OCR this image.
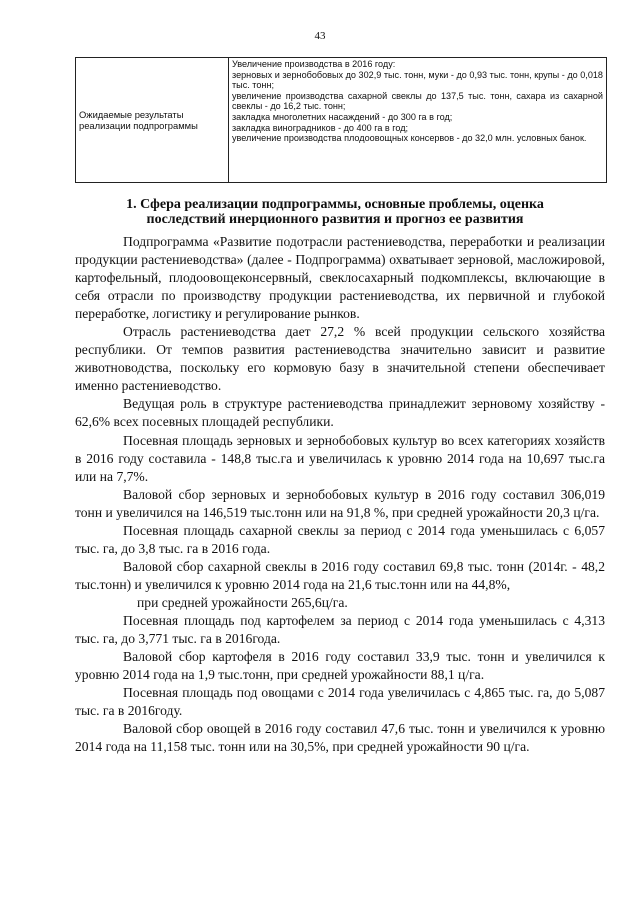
43
Ожидаемые результаты реализации подпрограммы
Увеличение производства в 2016 году:
зерновых и зернобобовых до 302,9 тыс. тонн, муки - до 0,93 тыс. тонн, крупы - до 0,018 тыс. тонн;
увеличение производства сахарной свеклы до 137,5 тыс. тонн, сахара из сахарной свеклы - до 16,2 тыс. тонн;
закладка многолетних насаждений - до 300 га в год;
закладка виноградников - до 400 га в год;
увеличение производства плодоовощных консервов - до 32,0 млн. условных банок.
1. Сфера реализации подпрограммы, основные проблемы, оценка последствий инерционного развития и прогноз ее развития

Подпрограмма «Развитие подотрасли растениеводства, переработки и реализации продукции растениеводства» (далее - Подпрограмма) охватывает зерновой, масложировой, картофельный, плодоовощеконсервный, свеклосахарный подкомплексы, включающие в себя отрасли по производству продукции растениеводства, их первичной и глубокой переработке, логистику и регулирование рынков.

Отрасль растениеводства дает 27,2 % всей продукции сельского хозяйства республики. От темпов развития растениеводства значительно зависит и развитие животноводства, поскольку его кормовую базу в значительной степени обеспечивает именно растениеводство.

Ведущая роль в структуре растениеводства принадлежит зерновому хозяйству - 62,6% всех посевных площадей республики.

Посевная площадь зерновых и зернобобовых культур во всех категориях хозяйств в 2016 году составила - 148,8 тыс.га и увеличилась к уровню 2014 года на 10,697 тыс.га или на 7,7%.

Валовой сбор зерновых и зернобобовых культур в 2016 году составил 306,019 тонн и увеличился на 146,519 тыс.тонн или на 91,8 %, при средней урожайности 20,3 ц/га.

Посевная площадь сахарной свеклы за период с 2014 года уменьшилась с 6,057 тыс. га, до 3,8 тыс. га в 2016 года.

Валовой сбор сахарной свеклы в 2016 году составил 69,8 тыс. тонн (2014г. - 48,2 тыс.тонн) и увеличился к уровню 2014 года на 21,6 тыс.тонн или на 44,8%,

при средней урожайности 265,6ц/га.

Посевная площадь под картофелем за период с 2014 года уменьшилась с 4,313 тыс. га, до 3,771 тыс. га в 2016года.

Валовой сбор картофеля в 2016 году составил 33,9 тыс. тонн и увеличился к уровню 2014 года на 1,9 тыс.тонн, при средней урожайности 88,1 ц/га.

Посевная площадь под овощами с 2014 года увеличилась с 4,865 тыс. га, до 5,087 тыс. га в 2016году.

Валовой сбор овощей в 2016 году составил 47,6 тыс. тонн и увеличился к уровню 2014 года на 11,158 тыс. тонн или на 30,5%, при средней урожайности 90 ц/га.
